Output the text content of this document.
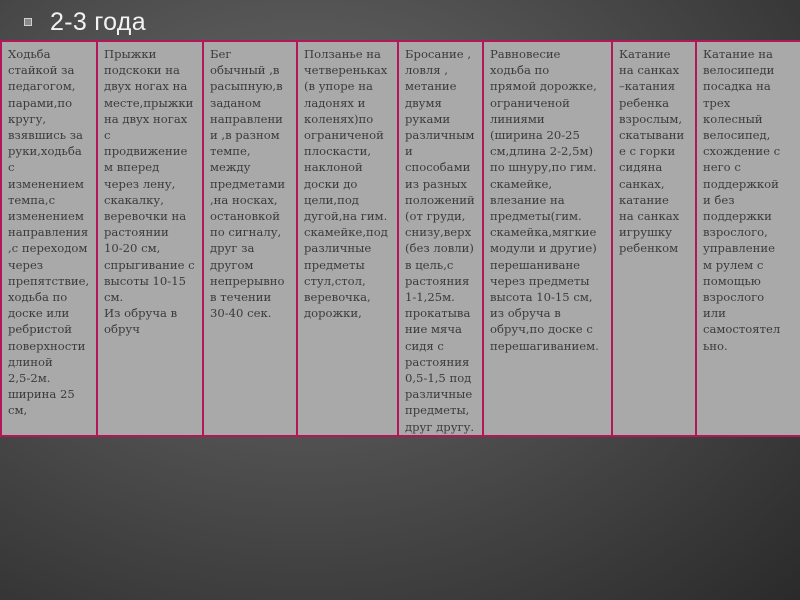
2-3 года
Ходьба
стайкой за
педагогом,
парами,по
кругу,
взявшись за
руки,ходьба
с
изменением
темпа,с
изменением
направления
,с переходом
через
препятствие,
ходьба по
доске или
ребристой
поверхности
длиной
2,5-2м.
ширина 25
см,

Прыжки
подскоки на
двух ногах на
месте,прыжки
на двух ногах
с
продвижение
м вперед
через лену,
скакалку,
веревочки на
растоянии
10-20 см,
спрыгивание с
высоты 10-15
см.
Из обруча в
обруч

Бег
обычный ,в
расыпную,в
заданом
направлени
и ,в разном
темпе,
между
предметами
,на носках,
остановкой
по сигналу,
друг за
другом
непрерывно
в течении
30-40 сек.

Ползанье на
четвереньках
(в упоре на
ладонях и
коленях)по
ограниченой
плоскасти,
наклоной
доски до
цели,под
дугой,на гим.
скамейке,под
различные
предметы
стул,стол,
веревочка,
дорожки,

Бросание ,
ловля ,
метание
двумя
руками
различным
и
способами
из разных
положений
(от груди,
снизу,верх
(без ловли)
в цель,с
растояния
1-1,25м.
прокатыва
ние мяча
сидя с
растояния
0,5-1,5 под
различные
предметы,
друг другу.

Равновесие
ходьба по
прямой дорожке,
ограниченой
линиями
(ширина 20-25
см,длина 2-2,5м)
по шнуру,по гим.
скамейке,
влезание на
предметы(гим.
скамейка,мягкие
модули и другие)
перешаниване
через предметы
высота 10-15 см,
из обруча в
обруч,по доске с
перешагиванием.

Катание
на санках
–катания
ребенка
взрослым,
скатывани
е с горки
сидяна
санках,
катание
на санках
игрушку
ребенком

Катание на
велосипеди
посадка на
трех
колесный
велосипед,
схождение с
него с
поддержкой
и без
поддержки
взрослого,
управление
м рулем с
помощью
взрослого
или
самостоятел
ьно.
